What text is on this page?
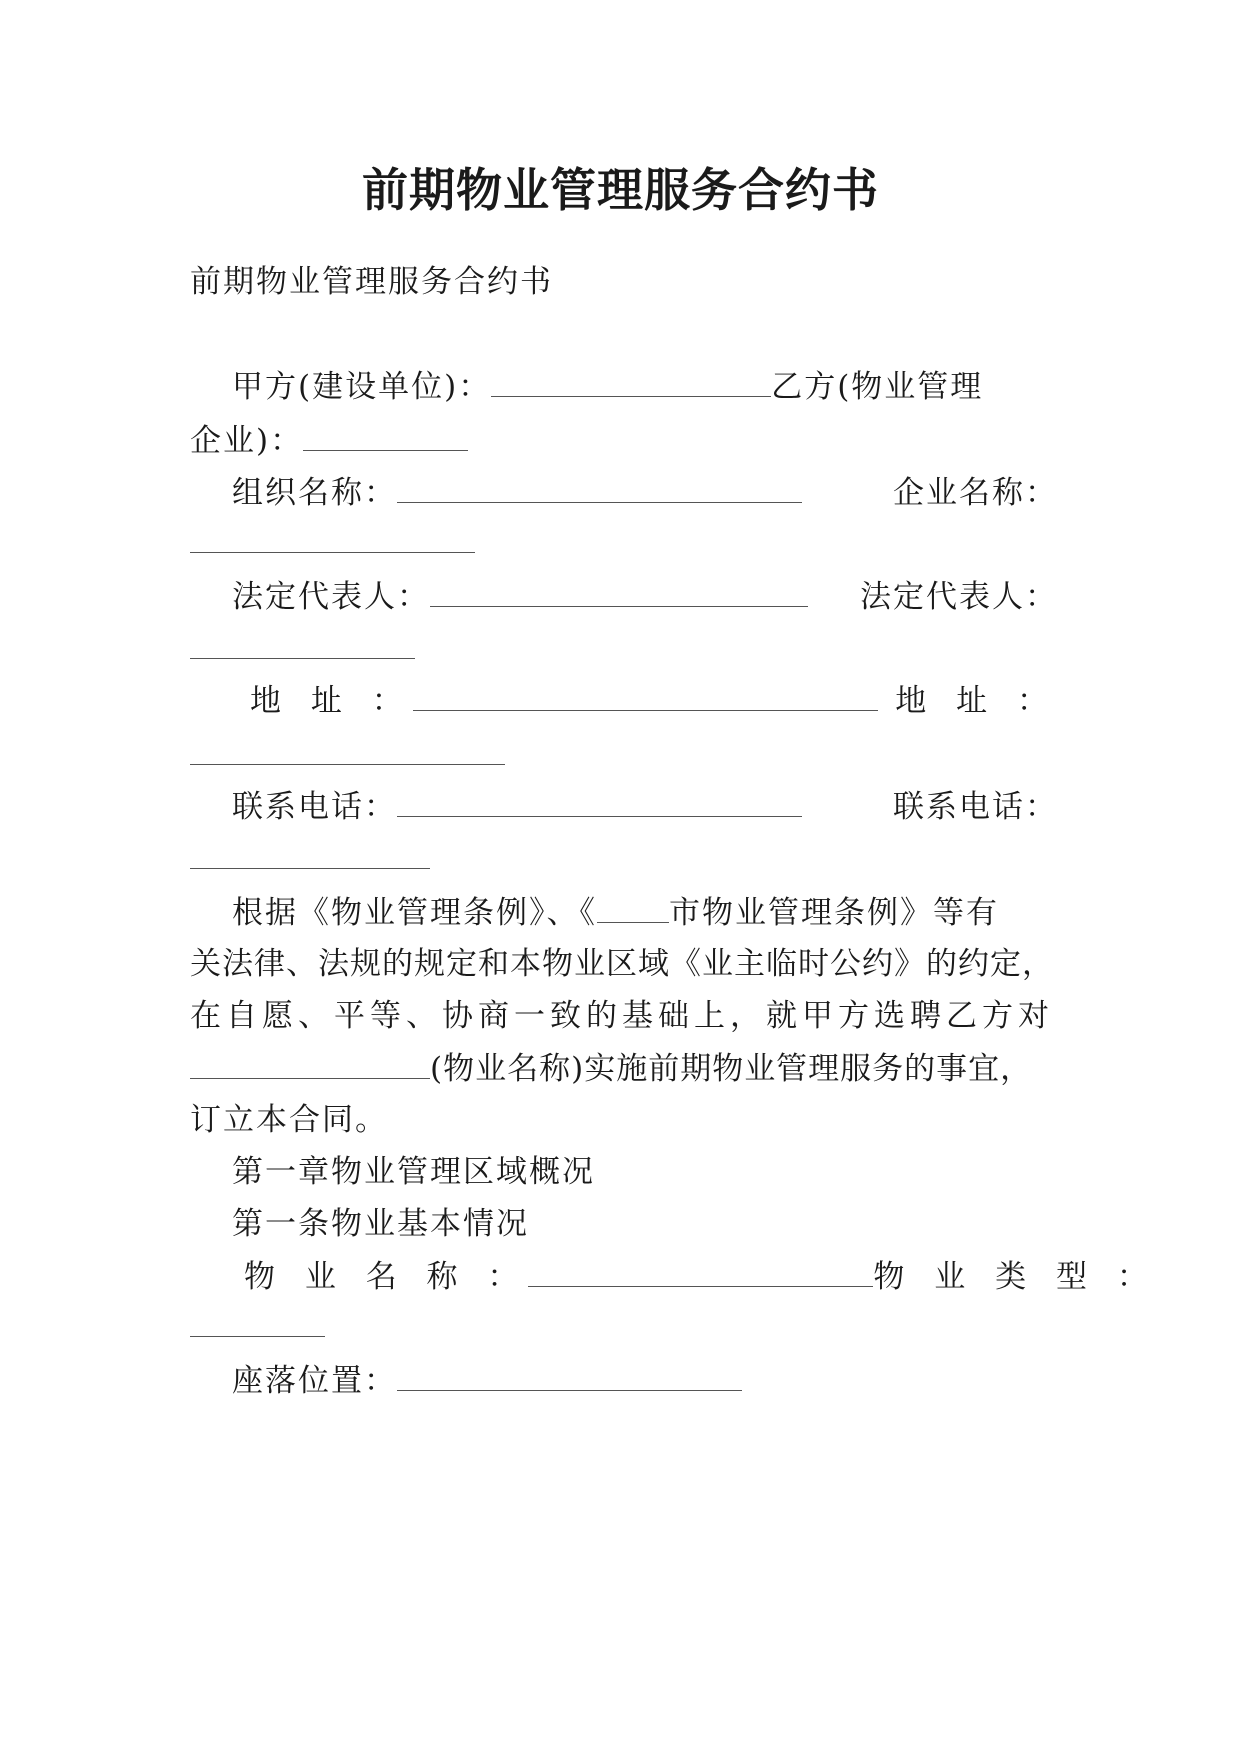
前期物业管理服务合约书
前期物业管理服务合约书
甲方(建设单位)：	乙方(物业管理
企业)：
组织名称：	企业名称：
法定代表人：	法定代表人：
地 址 ：	地 址 ：
联系电话：	联系电话：
根据《物业管理条例》、《 市物业管理条例》等有
关法律、法规的规定和本物业区域《业主临时公约》的约定，
在自愿、平等、协商一致的基础上，就甲方选聘乙方对
(物业名称)实施前期物业管理服务的事宜，
订立本合同。
第一章物业管理区域概况
第一条物业基本情况
物 业 名 称 ：	物 业 类 型 ：
座落位置：
